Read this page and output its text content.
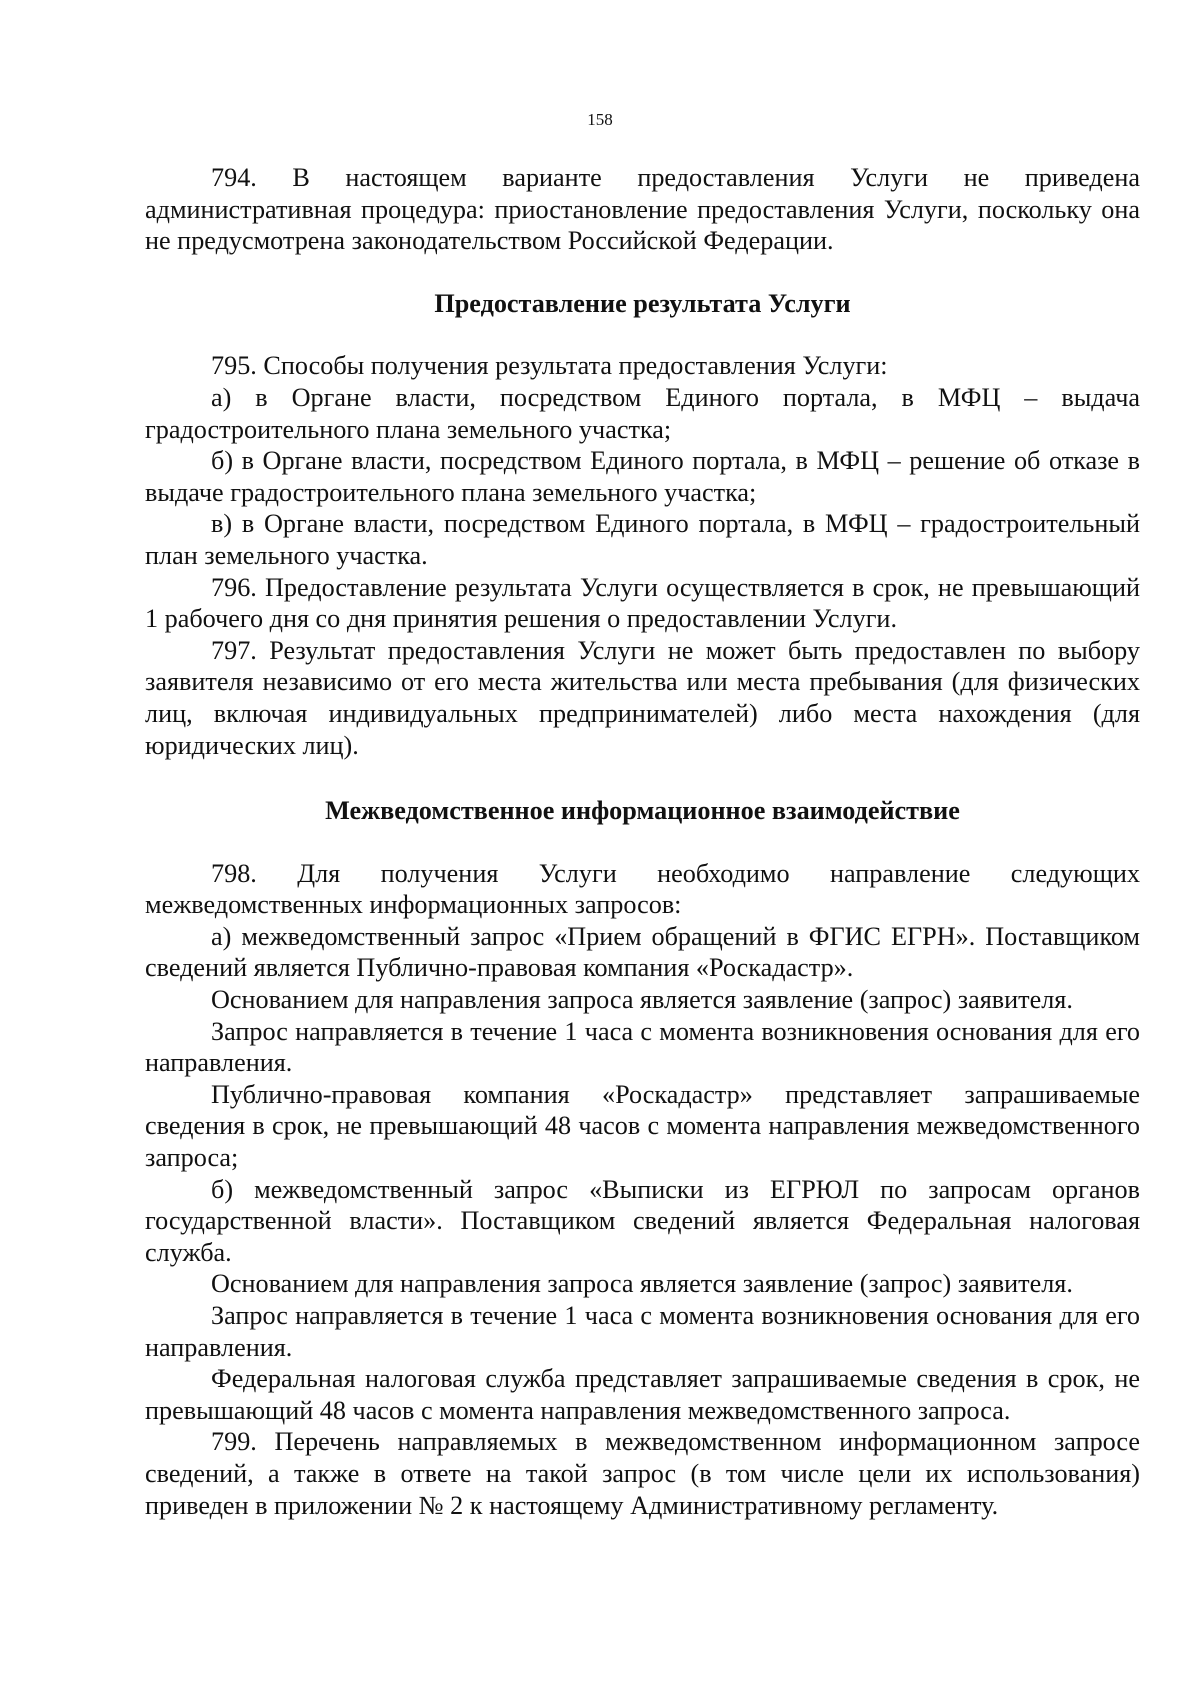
158

794. В настоящем варианте предоставления Услуги не приведена административная процедура: приостановление предоставления Услуги, поскольку она не предусмотрена законодательством Российской Федерации.

Предоставление результата Услуги

795. Способы получения результата предоставления Услуги:

а) в Органе власти, посредством Единого портала, в МФЦ – выдача градостроительного плана земельного участка;

б) в Органе власти, посредством Единого портала, в МФЦ – решение об отказе в выдаче градостроительного плана земельного участка;

в) в Органе власти, посредством Единого портала, в МФЦ – градостроительный план земельного участка.

796. Предоставление результата Услуги осуществляется в срок, не превышающий 1 рабочего дня со дня принятия решения о предоставлении Услуги.

797. Результат предоставления Услуги не может быть предоставлен по выбору заявителя независимо от его места жительства или места пребывания (для физических лиц, включая индивидуальных предпринимателей) либо места нахождения (для юридических лиц).

Межведомственное информационное взаимодействие

798. Для получения Услуги необходимо направление следующих межведомственных информационных запросов:

а) межведомственный запрос «Прием обращений в ФГИС ЕГРН». Поставщиком сведений является Публично-правовая компания «Роскадастр».

Основанием для направления запроса является заявление (запрос) заявителя.

Запрос направляется в течение 1 часа с момента возникновения основания для его направления.

Публично-правовая компания «Роскадастр» представляет запрашиваемые сведения в срок, не превышающий 48 часов с момента направления межведомственного запроса;

б) межведомственный запрос «Выписки из ЕГРЮЛ по запросам органов государственной власти». Поставщиком сведений является Федеральная налоговая служба.

Основанием для направления запроса является заявление (запрос) заявителя.

Запрос направляется в течение 1 часа с момента возникновения основания для его направления.

Федеральная налоговая служба представляет запрашиваемые сведения в срок, не превышающий 48 часов с момента направления межведомственного запроса.

799. Перечень направляемых в межведомственном информационном запросе сведений, а также в ответе на такой запрос (в том числе цели их использования) приведен в приложении № 2 к настоящему Административному регламенту.
